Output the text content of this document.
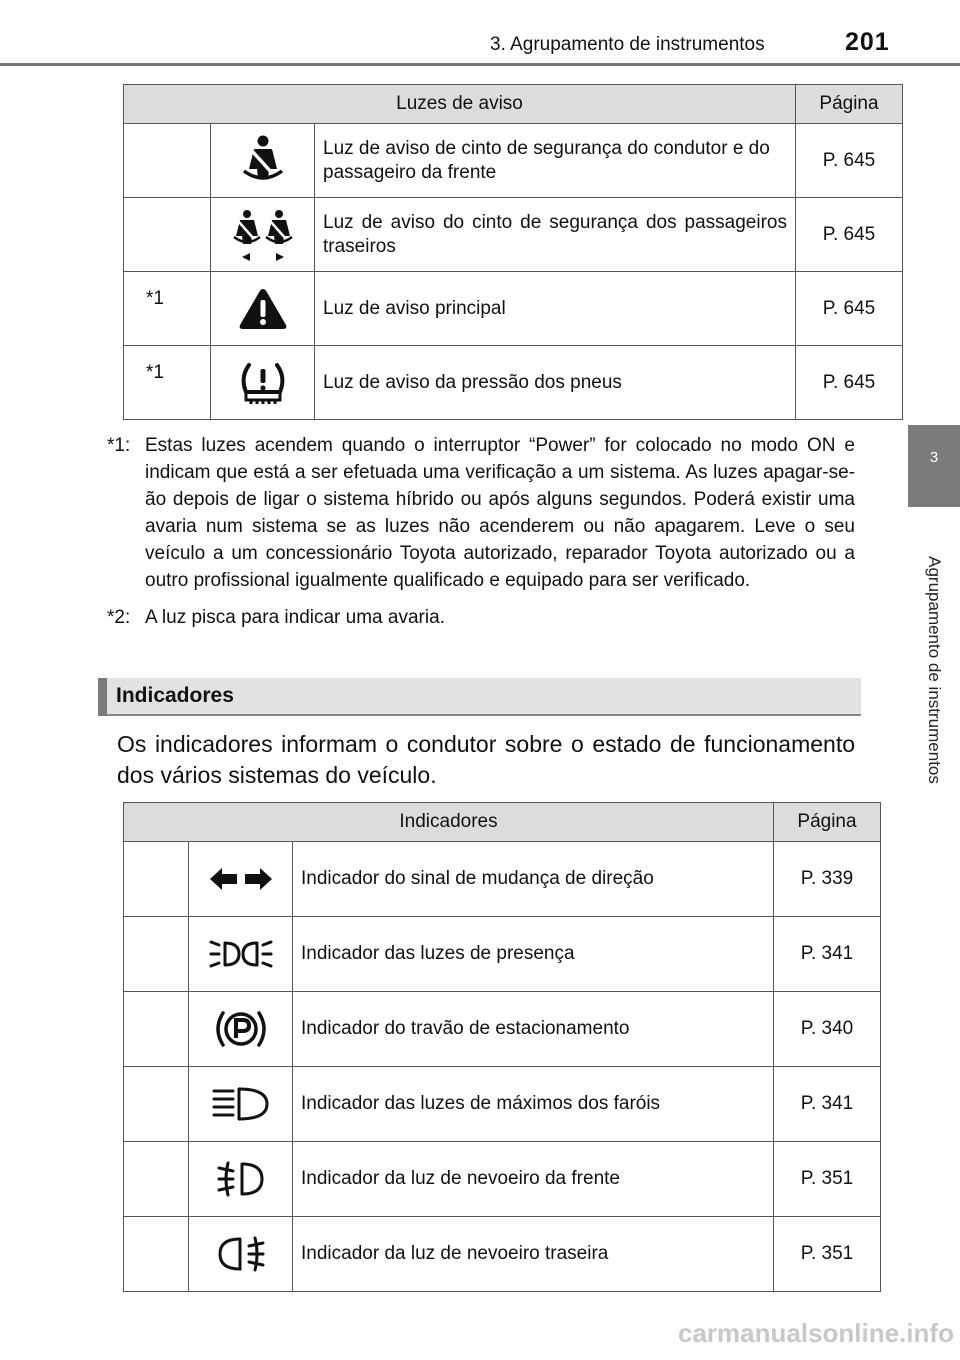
3. Agrupamento de instrumentos	201
3
Agrupamento de instrumentos
Luzes de aviso			Página
		Luz de aviso de cinto de segurança do condutor e do passageiro da frente	P. 645
		Luz de aviso do cinto de segurança dos passageiros traseiros	P. 645
*1		Luz de aviso principal	P. 645
*1		Luz de aviso da pressão dos pneus	P. 645
*1: Estas luzes acendem quando o interruptor “Power” for colocado no modo ON e indicam que está a ser efetuada uma verificação a um sistema. As luzes apagar-se-ão depois de ligar o sistema híbrido ou após alguns segundos. Poderá existir uma avaria num sistema se as luzes não acenderem ou não apagarem. Leve o seu veículo a um concessionário Toyota autorizado, reparador Toyota autorizado ou a outro profissional igualmente qualificado e equipado para ser verificado.
*2: A luz pisca para indicar uma avaria.
Indicadores
Os indicadores informam o condutor sobre o estado de funcionamento dos vários sistemas do veículo.
Indicadores			Página
		Indicador do sinal de mudança de direção	P. 339
		Indicador das luzes de presença	P. 341
		Indicador do travão de estacionamento	P. 340
		Indicador das luzes de máximos dos faróis	P. 341
		Indicador da luz de nevoeiro da frente	P. 351
		Indicador da luz de nevoeiro traseira	P. 351
carmanualsonline.info
